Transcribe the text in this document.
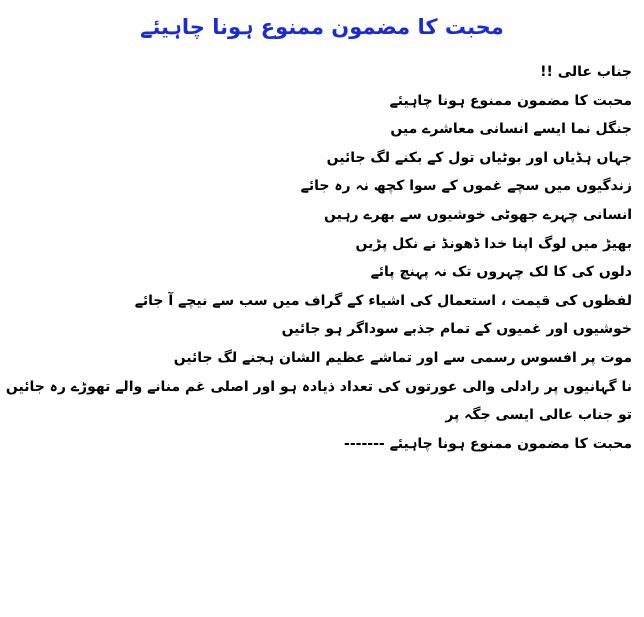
محبت کا مضمون ممنوع ہونا چاہیئے
جناب عالی !!
محبت کا مضمون ممنوع ہونا چاہیئے
جنگل نما ایسے انسانی معاشرے میں
جہاں ہڈیاں اور بوٹیاں تول کے بکنے لگ جائیں
زندگیوں میں سچے غموں کے سوا کچھ نہ رہ جائے
انسانی چہرے جھوٹی خوشیوں سے بھرے رہیں
بھیڑ میں لوگ اپنا خدا ڈھونڈ نے نکل پڑیں
دلوں کی کا لک چہروں تک نہ پہنچ پائے
لفظوں کی قیمت ، استعمال کی اشیاء کے گراف میں سب سے نیچے آ جائے
خوشیوں اور غمیوں کے تمام جذبے سوداگر ہو جائیں
موت پر افسوس رسمی سے اور تماشے عظیم الشان ہجنے لگ جائیں
نا گہانیوں پر رادلی والی عورتوں کی تعداد ذیادہ ہو اور اصلی غم منانے والے تھوڑے رہ جائیں
تو جناب عالی ایسی جگہ پر
محبت کا مضمون ممنوع ہونا چاہیئے -------
